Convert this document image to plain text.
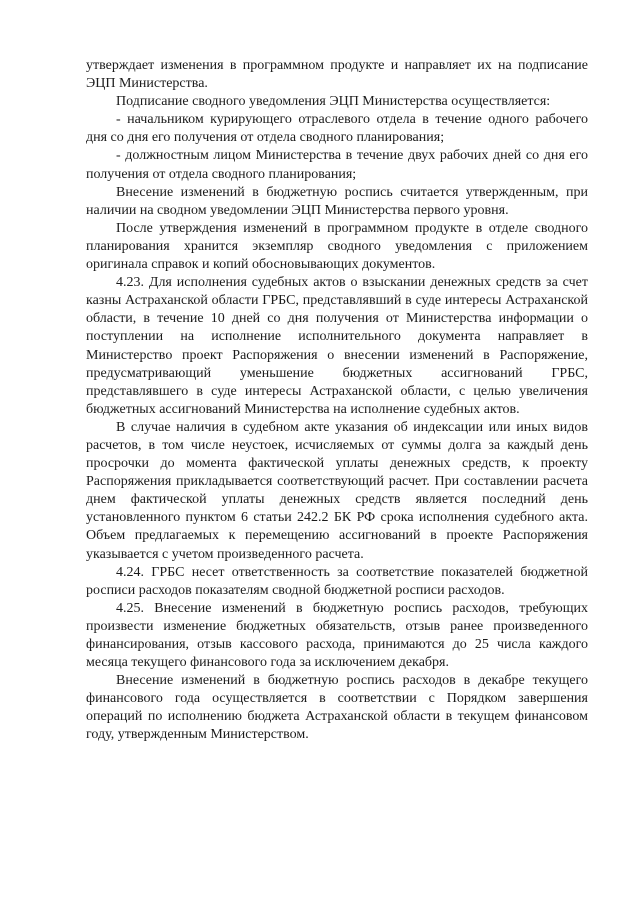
утверждает изменения в программном продукте и направляет их на подписание ЭЦП Министерства.

Подписание сводного уведомления ЭЦП Министерства осуществляется:

- начальником курирующего отраслевого отдела в течение одного рабочего дня со дня его получения от отдела сводного планирования;

- должностным лицом Министерства в течение двух рабочих дней со дня его получения от отдела сводного планирования;

Внесение изменений в бюджетную роспись считается утвержденным, при наличии на сводном уведомлении ЭЦП Министерства первого уровня.

После утверждения изменений в программном продукте в отделе сводного планирования хранится экземпляр сводного уведомления с приложением оригинала справок и копий обосновывающих документов.

4.23. Для исполнения судебных актов о взыскании денежных средств за счет казны Астраханской области ГРБС, представлявший в суде интересы Астраханской области, в течение 10 дней со дня получения от Министерства информации о поступлении на исполнение исполнительного документа направляет в Министерство проект Распоряжения о внесении изменений в Распоряжение, предусматривающий уменьшение бюджетных ассигнований ГРБС, представлявшего в суде интересы Астраханской области, с целью увеличения бюджетных ассигнований Министерства на исполнение судебных актов.

В случае наличия в судебном акте указания об индексации или иных видов расчетов, в том числе неустоек, исчисляемых от суммы долга за каждый день просрочки до момента фактической уплаты денежных средств, к проекту Распоряжения прикладывается соответствующий расчет. При составлении расчета днем фактической уплаты денежных средств является последний день установленного пунктом 6 статьи 242.2 БК РФ срока исполнения судебного акта. Объем предлагаемых к перемещению ассигнований в проекте Распоряжения указывается с учетом произведенного расчета.

4.24. ГРБС несет ответственность за соответствие показателей бюджетной росписи расходов показателям сводной бюджетной росписи расходов.

4.25. Внесение изменений в бюджетную роспись расходов, требующих произвести изменение бюджетных обязательств, отзыв ранее произведенного финансирования, отзыв кассового расхода, принимаются до 25 числа каждого месяца текущего финансового года за исключением декабря.

Внесение изменений в бюджетную роспись расходов в декабре текущего финансового года осуществляется в соответствии с Порядком завершения операций по исполнению бюджета Астраханской области в текущем финансовом году, утвержденным Министерством.
